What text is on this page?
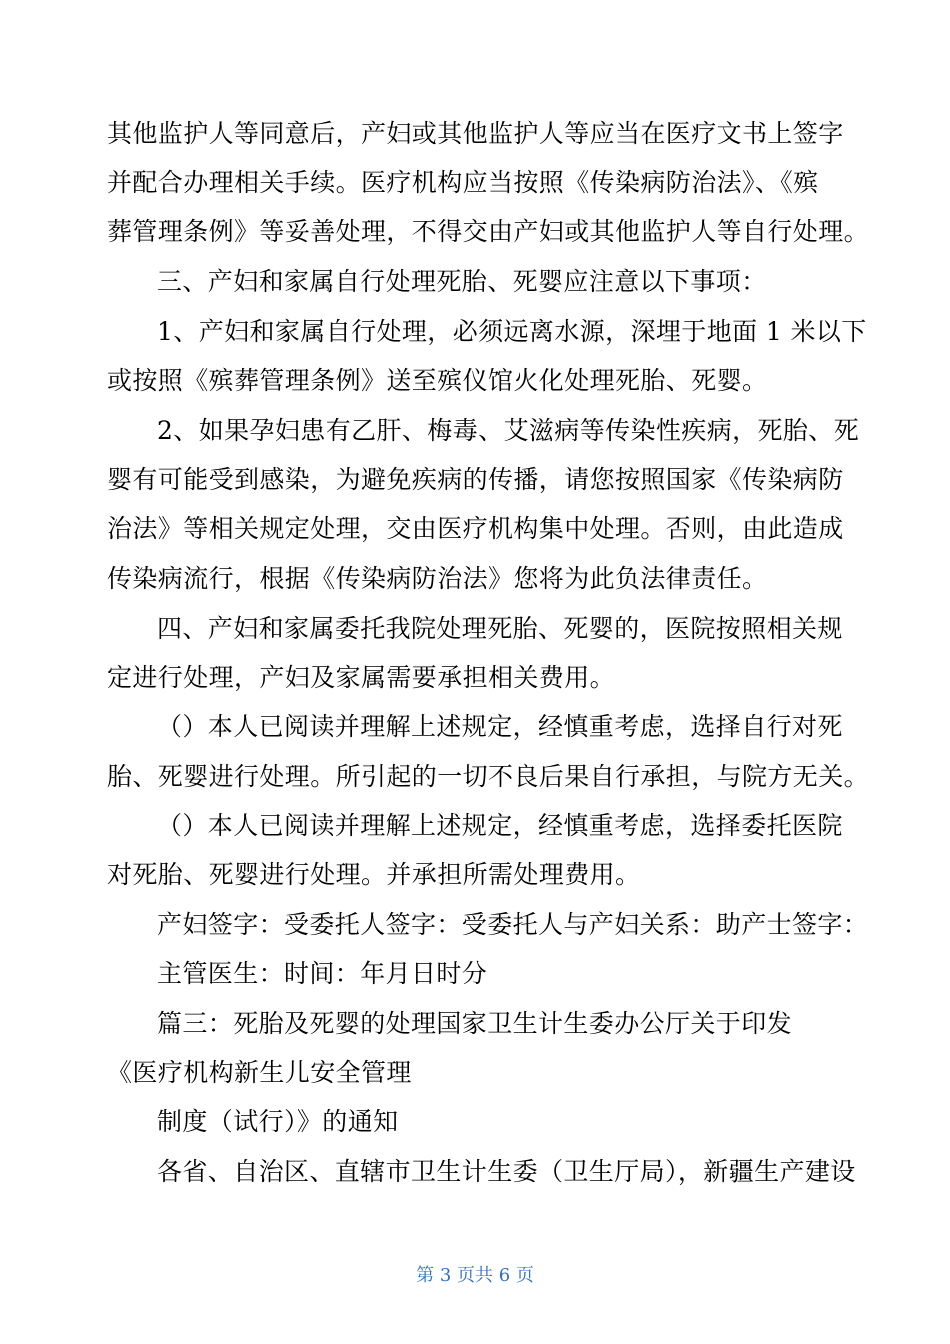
其他监护人等同意后，产妇或其他监护人等应当在医疗文书上签字
并配合办理相关手续。医疗机构应当按照《传染病防治法》、《殡
葬管理条例》等妥善处理，不得交由产妇或其他监护人等自行处理。
三、产妇和家属自行处理死胎、死婴应注意以下事项：
1、产妇和家属自行处理，必须远离水源，深埋于地面 1 米以下
或按照《殡葬管理条例》送至殡仪馆火化处理死胎、死婴。
2、如果孕妇患有乙肝、梅毒、艾滋病等传染性疾病，死胎、死
婴有可能受到感染，为避免疾病的传播，请您按照国家《传染病防
治法》等相关规定处理，交由医疗机构集中处理。否则，由此造成
传染病流行，根据《传染病防治法》您将为此负法律责任。
四、产妇和家属委托我院处理死胎、死婴的，医院按照相关规
定进行处理，产妇及家属需要承担相关费用。
（）本人已阅读并理解上述规定，经慎重考虑，选择自行对死
胎、死婴进行处理。所引起的一切不良后果自行承担，与院方无关。
（）本人已阅读并理解上述规定，经慎重考虑，选择委托医院
对死胎、死婴进行处理。并承担所需处理费用。
产妇签字：受委托人签字：受委托人与产妇关系：助产士签字：
主管医生：时间：年月日时分
篇三：死胎及死婴的处理国家卫生计生委办公厅关于印发
《医疗机构新生儿安全管理
制度（试行）》的通知
各省、自治区、直辖市卫生计生委（卫生厅局），新疆生产建设
第 3 页共 6 页
